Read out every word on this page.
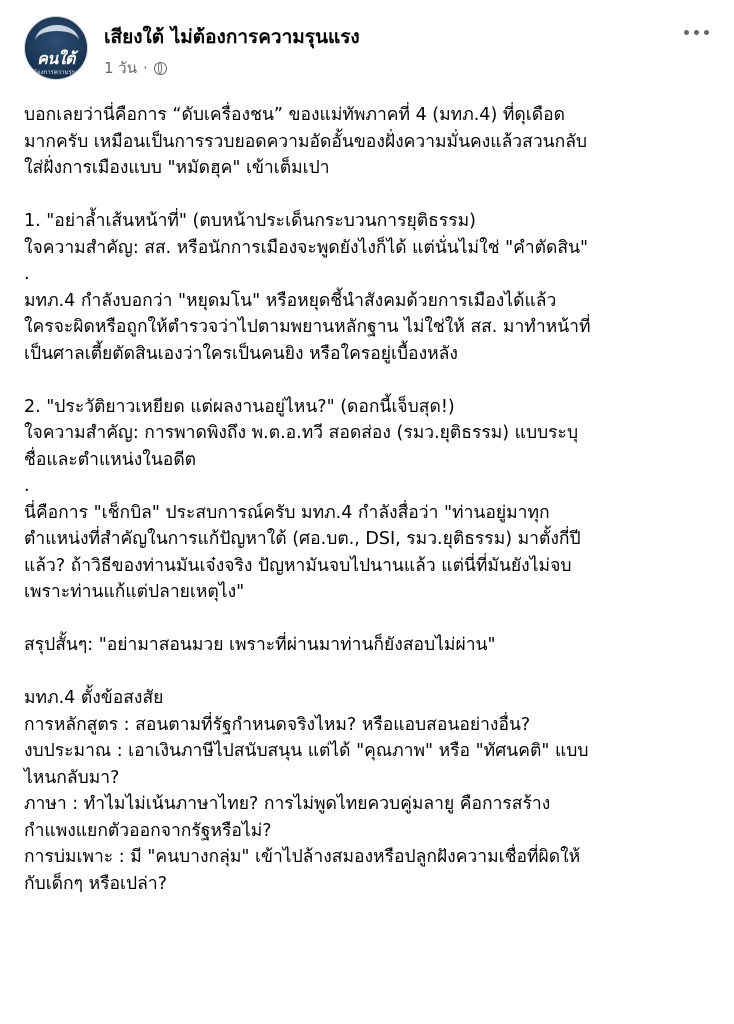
คนใต้
ไม่ต้องการความรุนแรง
เสียงใต้ ไม่ต้องการความรุนแรง
1 วัน ·
บอกเลยว่านี่คือการ “ดับเครื่องชน” ของแม่ทัพภาคที่ 4 (มทภ.4) ที่ดุเดือด
มากครับ เหมือนเป็นการรวบยอดความอัดอั้นของฝั่งความมั่นคงแล้วสวนกลับ
ใส่ฝั่งการเมืองแบบ "หมัดฮุค" เข้าเต็มเปา
1. "อย่าล้ำเส้นหน้าที่" (ตบหน้าประเด็นกระบวนการยุติธรรม)
ใจความสำคัญ: สส. หรือนักการเมืองจะพูดยังไงก็ได้ แต่นั่นไม่ใช่ "คำตัดสิน"
.
มทภ.4 กำลังบอกว่า "หยุดมโน" หรือหยุดชี้นำสังคมด้วยการเมืองได้แล้ว
ใครจะผิดหรือถูกให้ตำรวจว่าไปตามพยานหลักฐาน ไม่ใช่ให้ สส. มาทำหน้าที่
เป็นศาลเตี้ยตัดสินเองว่าใครเป็นคนยิง หรือใครอยู่เบื้องหลัง
2. "ประวัติยาวเหยียด แต่ผลงานอยู่ไหน?" (ดอกนี้เจ็บสุด!)
ใจความสำคัญ: การพาดพิงถึง พ.ต.อ.ทวี สอดส่อง (รมว.ยุติธรรม) แบบระบุ
ชื่อและตำแหน่งในอดีต
.
นี่คือการ "เช็กบิล" ประสบการณ์ครับ มทภ.4 กำลังสื่อว่า "ท่านอยู่มาทุก
ตำแหน่งที่สำคัญในการแก้ปัญหาใต้ (ศอ.บต., DSI, รมว.ยุติธรรม) มาตั้งกี่ปี
แล้ว? ถ้าวิธีของท่านมันเจ๋งจริง ปัญหามันจบไปนานแล้ว แต่นี่ที่มันยังไม่จบ
เพราะท่านแก้แต่ปลายเหตุไง"
สรุปสั้นๆ: "อย่ามาสอนมวย เพราะที่ผ่านมาท่านก็ยังสอบไม่ผ่าน"
มทภ.4 ตั้งข้อสงสัย
การหลักสูตร : สอนตามที่รัฐกำหนดจริงไหม? หรือแอบสอนอย่างอื่น?
งบประมาณ : เอาเงินภาษีไปสนับสนุน แต่ได้ "คุณภาพ" หรือ "ทัศนคติ" แบบ
ไหนกลับมา?
ภาษา : ทำไมไม่เน้นภาษาไทย? การไม่พูดไทยควบคู่มลายู คือการสร้าง
กำแพงแยกตัวออกจากรัฐหรือไม่?
การบ่มเพาะ : มี "คนบางกลุ่ม" เข้าไปล้างสมองหรือปลูกฝังความเชื่อที่ผิดให้
กับเด็กๆ หรือเปล่า?
